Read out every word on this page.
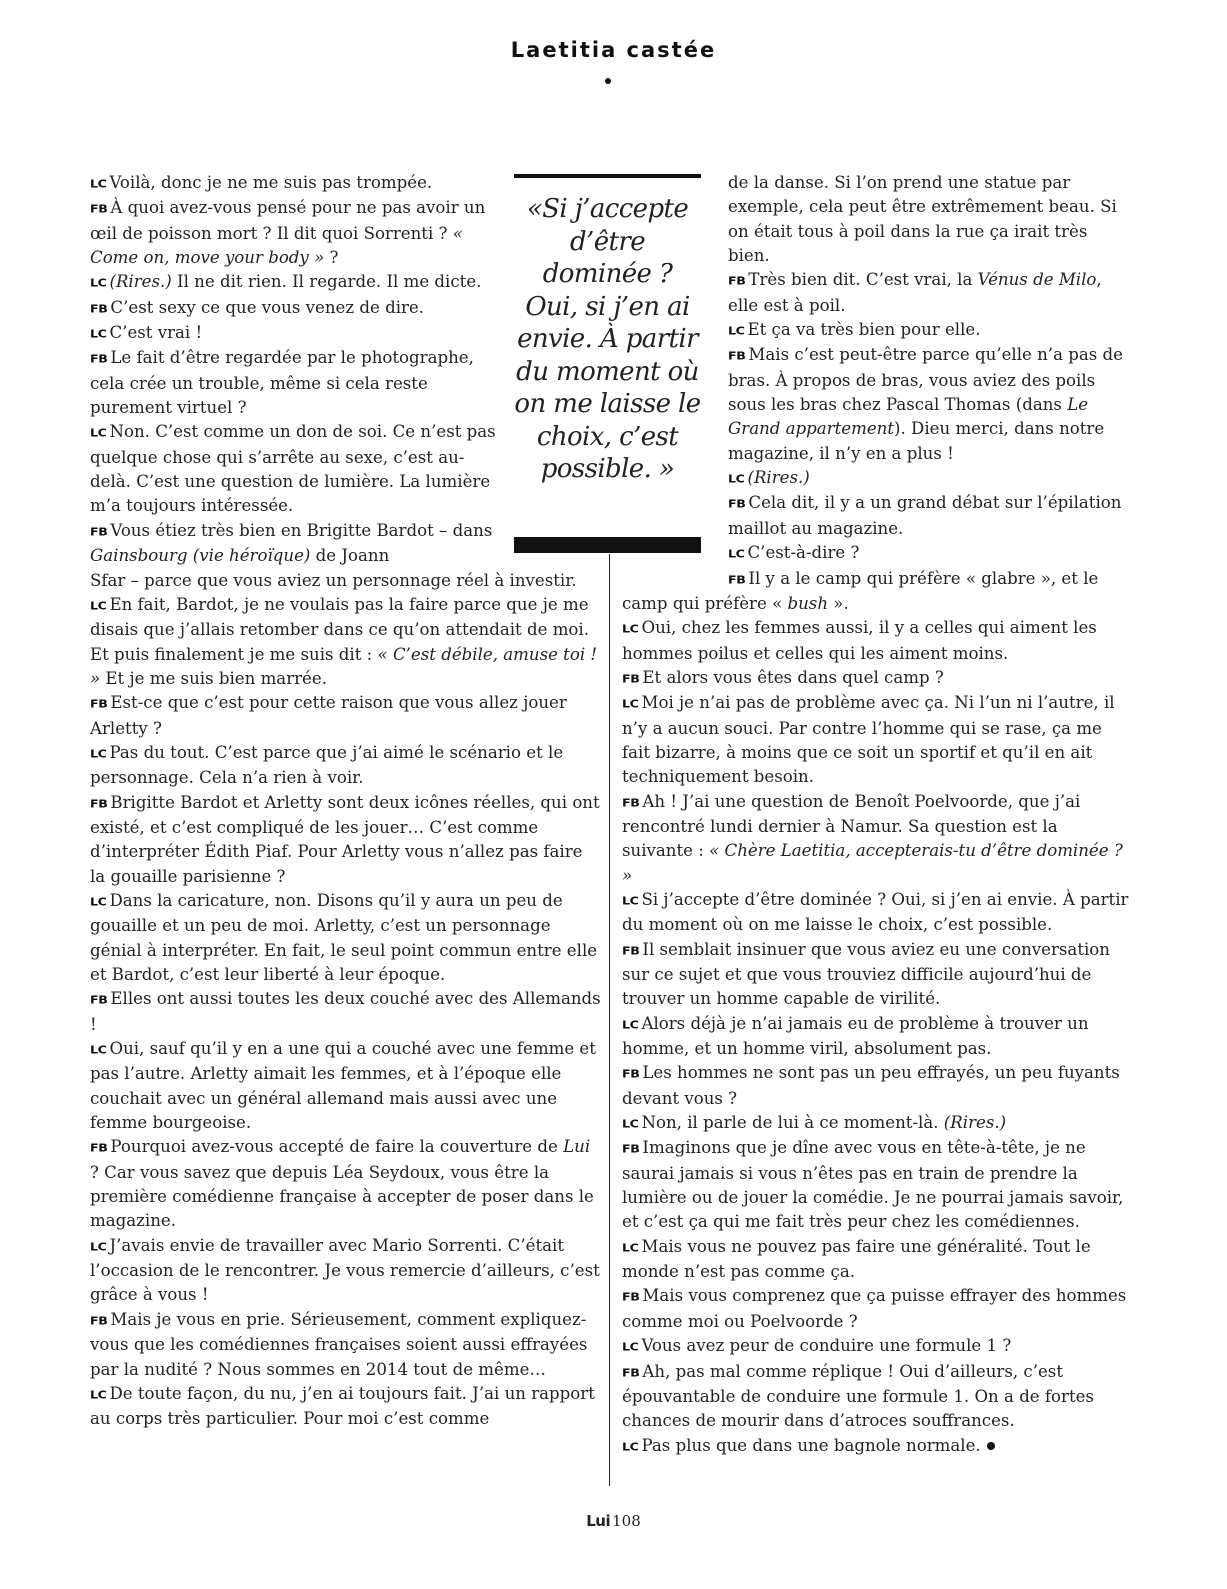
Laetitia castée

LC Voilà, donc je ne me suis pas trompée.

FB À quoi avez-vous pensé pour ne pas avoir un œil de poisson mort ? Il dit quoi Sorrenti ? « Come on, move your body » ?

LC (Rires.) Il ne dit rien. Il regarde. Il me dicte.

FB C’est sexy ce que vous venez de dire.

LC C’est vrai !

FB Le fait d’être regardée par le photographe, cela crée un trouble, même si cela reste purement virtuel ?

LC Non. C’est comme un don de soi. Ce n’est pas quelque chose qui s’arrête au sexe, c’est au-delà. C’est une question de lumière. La lumière m’a toujours intéressée.

FB Vous étiez très bien en Brigitte Bardot – dans Gainsbourg (vie héroïque) de Joann

Sfar – parce que vous aviez un personnage réel à investir.

LC En fait, Bardot, je ne voulais pas la faire parce que je me disais que j’allais retomber dans ce qu’on attendait de moi. Et puis finalement je me suis dit : « C’est débile, amuse toi ! » Et je me suis bien marrée.

FB Est-ce que c’est pour cette raison que vous allez jouer Arletty ?

LC Pas du tout. C’est parce que j’ai aimé le scénario et le personnage. Cela n’a rien à voir.

FB Brigitte Bardot et Arletty sont deux icônes réelles, qui ont existé, et c’est compliqué de les jouer… C’est comme d’interpréter Édith Piaf. Pour Arletty vous n’allez pas faire la gouaille parisienne ?

LC Dans la caricature, non. Disons qu’il y aura un peu de gouaille et un peu de moi. Arletty, c’est un personnage génial à interpréter. En fait, le seul point commun entre elle et Bardot, c’est leur liberté à leur époque.

FB Elles ont aussi toutes les deux couché avec des Allemands !

LC Oui, sauf qu’il y en a une qui a couché avec une femme et pas l’autre. Arletty aimait les femmes, et à l’époque elle couchait avec un général allemand mais aussi avec une femme bourgeoise.

FB Pourquoi avez-vous accepté de faire la couverture de Lui ? Car vous savez que depuis Léa Seydoux, vous être la première comédienne française à accepter de poser dans le magazine.

LC J’avais envie de travailler avec Mario Sorrenti. C’était l’occasion de le rencontrer. Je vous remercie d’ailleurs, c’est grâce à vous !

FB Mais je vous en prie. Sérieusement, comment expliquez-vous que les comédiennes françaises soient aussi effrayées par la nudité ? Nous sommes en 2014 tout de même…

LC De toute façon, du nu, j’en ai toujours fait. J’ai un rapport au corps très particulier. Pour moi c’est comme

«Si j’accepte d’être dominée ? Oui, si j’en ai envie. À partir du moment où on me laisse le choix, c’est possible. »

de la danse. Si l’on prend une statue par exemple, cela peut être extrêmement beau. Si on était tous à poil dans la rue ça irait très bien.

FB Très bien dit. C’est vrai, la Vénus de Milo, elle est à poil.

LC Et ça va très bien pour elle.

FB Mais c’est peut-être parce qu’elle n’a pas de bras. À propos de bras, vous aviez des poils sous les bras chez Pascal Thomas (dans Le Grand appartement). Dieu merci, dans notre magazine, il n’y en a plus !

LC (Rires.)

FB Cela dit, il y a un grand débat sur l’épilation maillot au magazine.

LC C’est-à-dire ?

FB Il y a le camp qui préfère « glabre », et le

camp qui préfère « bush ».

LC Oui, chez les femmes aussi, il y a celles qui aiment les hommes poilus et celles qui les aiment moins.

FB Et alors vous êtes dans quel camp ?

LC Moi je n’ai pas de problème avec ça. Ni l’un ni l’autre, il n’y a aucun souci. Par contre l’homme qui se rase, ça me fait bizarre, à moins que ce soit un sportif et qu’il en ait techniquement besoin.

FB Ah ! J’ai une question de Benoît Poelvoorde, que j’ai rencontré lundi dernier à Namur. Sa question est la suivante : « Chère Laetitia, accepterais-tu d’être dominée ? »

LC Si j’accepte d’être dominée ? Oui, si j’en ai envie. À partir du moment où on me laisse le choix, c’est possible.

FB Il semblait insinuer que vous aviez eu une conversation sur ce sujet et que vous trouviez difficile aujourd’hui de trouver un homme capable de virilité.

LC Alors déjà je n’ai jamais eu de problème à trouver un homme, et un homme viril, absolument pas.

FB Les hommes ne sont pas un peu effrayés, un peu fuyants devant vous ?

LC Non, il parle de lui à ce moment-là. (Rires.)

FB Imaginons que je dîne avec vous en tête-à-tête, je ne saurai jamais si vous n’êtes pas en train de prendre la lumière ou de jouer la comédie. Je ne pourrai jamais savoir, et c’est ça qui me fait très peur chez les comédiennes.

LC Mais vous ne pouvez pas faire une généralité. Tout le monde n’est pas comme ça.

FB Mais vous comprenez que ça puisse effrayer des hommes comme moi ou Poelvoorde ?

LC Vous avez peur de conduire une formule 1 ?

FB Ah, pas mal comme réplique ! Oui d’ailleurs, c’est épouvantable de conduire une formule 1. On a de fortes chances de mourir dans d’atroces souffrances.

LC Pas plus que dans une bagnole normale.

Lui 108
